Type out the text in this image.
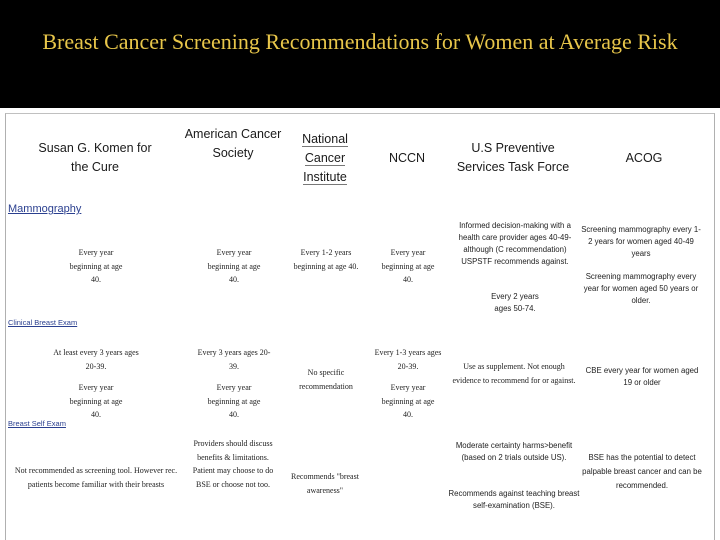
Breast Cancer Screening Recommendations for Women at Average Risk
Susan G. Komen for the Cure
American Cancer Society
National Cancer Institute
NCCN
U.S Preventive Services Task Force
ACOG
Mammography
Clinical Breast Exam
Breast Self Exam
Every year beginning at age 40.
Every year beginning at age 40.
Every 1-2 years beginning at age 40.
Every year beginning at age 40.
Informed decision-making with a health care provider ages 40-49- although (C recommendation) USPSTF recommends against.
Every 2 years ages 50-74.
Screening mammography every 1-2 years for women aged 40-49 years
Screening mammography every year for women aged 50 years or older.
At least every 3 years ages 20-39.
Every year beginning at age 40.
Every 3 years ages 20-39.
Every year beginning at age 40.
No specific recommendation
Every 1-3 years ages 20-39.
Every year beginning at age 40.
Use as supplement. Not enough evidence to recommend for or against.
CBE every year for women aged 19 or older
Not recommended as screening tool. However rec. patients become familiar with their breasts
Providers should discuss benefits & limitations. Patient may choose to do BSE or choose not too.
Recommends "breast awareness"
Moderate certainty harms>benefit (based on 2 trials outside US).
Recommends against teaching breast self-examination (BSE).
BSE has the potential to detect palpable breast cancer and can be recommended.
